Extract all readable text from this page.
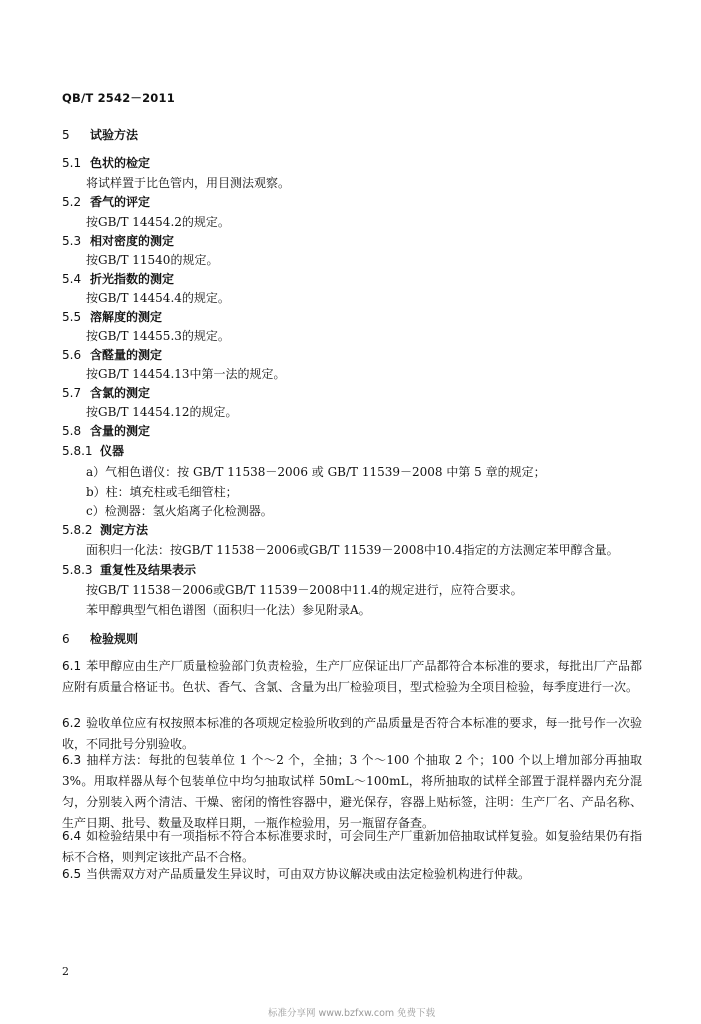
QB/T 2542－2011
5 试验方法
5.1 色状的检定
将试样置于比色管内，用目测法观察。
5.2 香气的评定
按GB/T 14454.2的规定。
5.3 相对密度的测定
按GB/T 11540的规定。
5.4 折光指数的测定
按GB/T 14454.4的规定。
5.5 溶解度的测定
按GB/T 14455.3的规定。
5.6 含醛量的测定
按GB/T 14454.13中第一法的规定。
5.7 含氯的测定
按GB/T 14454.12的规定。
5.8 含量的测定
5.8.1 仪器
a）气相色谱仪：按 GB/T 11538－2006 或 GB/T 11539－2008 中第 5 章的规定；
b）柱：填充柱或毛细管柱；
c）检测器：氢火焰离子化检测器。
5.8.2 测定方法
面积归一化法：按GB/T 11538－2006或GB/T 11539－2008中10.4指定的方法测定苯甲醇含量。
5.8.3 重复性及结果表示
按GB/T 11538－2006或GB/T 11539－2008中11.4的规定进行，应符合要求。
苯甲醇典型气相色谱图（面积归一化法）参见附录A。
6 检验规则
6.1 苯甲醇应由生产厂质量检验部门负责检验，生产厂应保证出厂产品都符合本标准的要求，每批出厂产品都应附有质量合格证书。色状、香气、含氯、含量为出厂检验项目，型式检验为全项目检验，每季度进行一次。
6.2 验收单位应有权按照本标准的各项规定检验所收到的产品质量是否符合本标准的要求，每一批号作一次验收，不同批号分别验收。
6.3 抽样方法：每批的包装单位 1 个～2 个，全抽；3 个～100 个抽取 2 个；100 个以上增加部分再抽取 3%。用取样器从每个包装单位中均匀抽取试样 50mL～100mL，将所抽取的试样全部置于混样器内充分混匀，分别装入两个清洁、干燥、密闭的惰性容器中，避光保存，容器上贴标签，注明：生产厂名、产品名称、生产日期、批号、数量及取样日期，一瓶作检验用，另一瓶留存备查。
6.4 如检验结果中有一项指标不符合本标准要求时，可会同生产厂重新加倍抽取试样复验。如复验结果仍有指标不合格，则判定该批产品不合格。
6.5 当供需双方对产品质量发生异议时，可由双方协议解决或由法定检验机构进行仲裁。
2
标准分享网 www.bzfxw.com 免费下载
